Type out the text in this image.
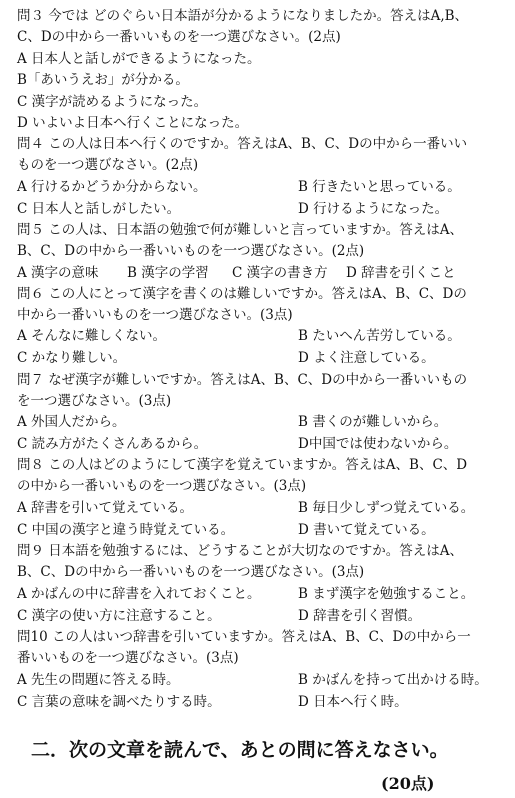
問３ 今では どのぐらい日本語が分かるようになりましたか。答えはA,B、
C、Dの中から一番いいものを一つ選びなさい。(2点)
A 日本人と話しができるようになった。
B「あいうえお」が分かる。
C 漢字が読めるようになった。
D いよいよ日本へ行くことになった。
問４ この人は日本へ行くのですか。答えはA、B、C、Dの中から一番いい
ものを一つ選びなさい。(2点)
A 行けるかどうか分からない。	B 行きたいと思っている。
C 日本人と話しがしたい。	D 行けるようになった。
問５ この人は、日本語の勉強で何が難しいと言っていますか。答えはA、
B、C、Dの中から一番いいものを一つ選びなさい。(2点)
A 漢字の意味 B 漢字の学習 C 漢字の書き方 D 辞書を引くこと
問６ この人にとって漢字を書くのは難しいですか。答えはA、B、C、Dの
中から一番いいものを一つ選びなさい。(3点)
A そんなに難しくない。	B たいへん苦労している。
C かなり難しい。	D よく注意している。
問７ なぜ漢字が難しいですか。答えはA、B、C、Dの中から一番いいもの
を一つ選びなさい。(3点)
A 外国人だから。	B 書くのが難しいから。
C 読み方がたくさんあるから。	D中国では使わないから。
問８ この人はどのようにして漢字を覚えていますか。答えはA、B、C、D
の中から一番いいものを一つ選びなさい。(3点)
A 辞書を引いて覚えている。	B 毎日少しずつ覚えている。
C 中国の漢字と違う時覚えている。	D 書いて覚えている。
問９ 日本語を勉強するには、どうすることが大切なのですか。答えはA、
B、C、Dの中から一番いいものを一つ選びなさい。(3点)
A かばんの中に辞書を入れておくこと。	B まず漢字を勉強すること。
C 漢字の使い方に注意すること。	D 辞書を引く習慣。
問10 この人はいつ辞書を引いていますか。答えはA、B、C、Dの中から一
番いいものを一つ選びなさい。(3点)
A 先生の問題に答える時。	B かばんを持って出かける時。
C 言葉の意味を調べたりする時。	D 日本へ行く時。
二．次の文章を読んで、あとの問に答えなさい。
(20点)
